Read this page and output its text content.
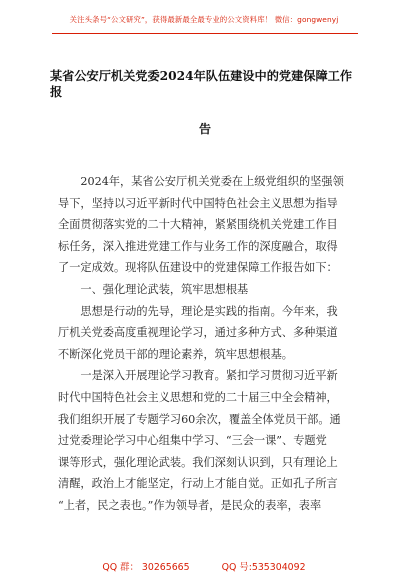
关注头条号“公文研究”，获得最新最全最专业的公文资料库！ 微信：gongwenyj
某省公安厅机关党委2024年队伍建设中的党建保障工作报
告

　　2024年，某省公安厅机关党委在上级党组织的坚强领

导下，坚持以习近平新时代中国特色社会主义思想为指导

全面贯彻落实党的二十大精神，紧紧围绕机关党建工作目

标任务，深入推进党建工作与业务工作的深度融合，取得

了一定成效。现将队伍建设中的党建保障工作报告如下：

　　一、强化理论武装，筑牢思想根基

　　思想是行动的先导，理论是实践的指南。今年来，我

厅机关党委高度重视理论学习，通过多种方式、多种渠道

不断深化党员干部的理论素养，筑牢思想根基。

　　一是深入开展理论学习教育。紧扣学习贯彻习近平新

时代中国特色社会主义思想和党的二十届三中全会精神，

我们组织开展了专题学习60余次，覆盖全体党员干部。通

过党委理论学习中心组集中学习、“三会一课”、专题党

课等形式，强化理论武装。我们深刻认识到，只有理论上

清醒，政治上才能坚定，行动上才能自觉。正如孔子所言

“上者，民之表也。”作为领导者，是民众的表率，表率

QQ 群： 30265665	QQ 号:535304092
